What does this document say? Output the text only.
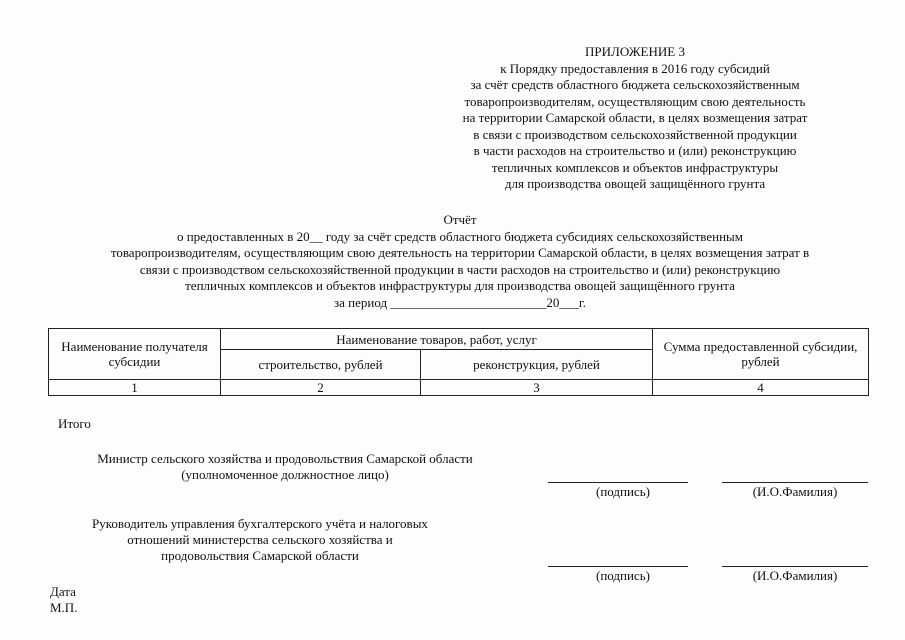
ПРИЛОЖЕНИЕ 3
к Порядку предоставления в 2016 году субсидий
за счёт средств областного бюджета сельскохозяйственным
товаропроизводителям, осуществляющим свою деятельность
на территории Самарской области, в целях возмещения затрат
в связи с производством сельскохозяйственной продукции
в части расходов на строительство и (или) реконструкцию
тепличных комплексов и объектов инфраструктуры
для производства овощей защищённого грунта
Отчёт
о предоставленных в 20__ году за счёт средств областного бюджета субсидиях сельскохозяйственным
товаропроизводителям, осуществляющим свою деятельность на территории Самарской области, в целях возмещения затрат в
связи с производством сельскохозяйственной продукции в части расходов на строительство и (или) реконструкцию
тепличных комплексов и объектов инфраструктуры для производства овощей защищённого грунта
за период ________________________20___г.
Наименование получателя субсидии	Наименование товаров, работ, услуг		Сумма предоставленной субсидии, рублей
	строительство, рублей	реконструкция, рублей	
1	2	3	4
Итого
Министр сельского хозяйства и продовольствия Самарской области
(уполномоченное должностное лицо)
(подпись)	(И.О.Фамилия)
Руководитель управления бухгалтерского учёта и налоговых
отношений министерства сельского хозяйства и
продовольствия Самарской области
(подпись)	(И.О.Фамилия)
Дата
М.П.
